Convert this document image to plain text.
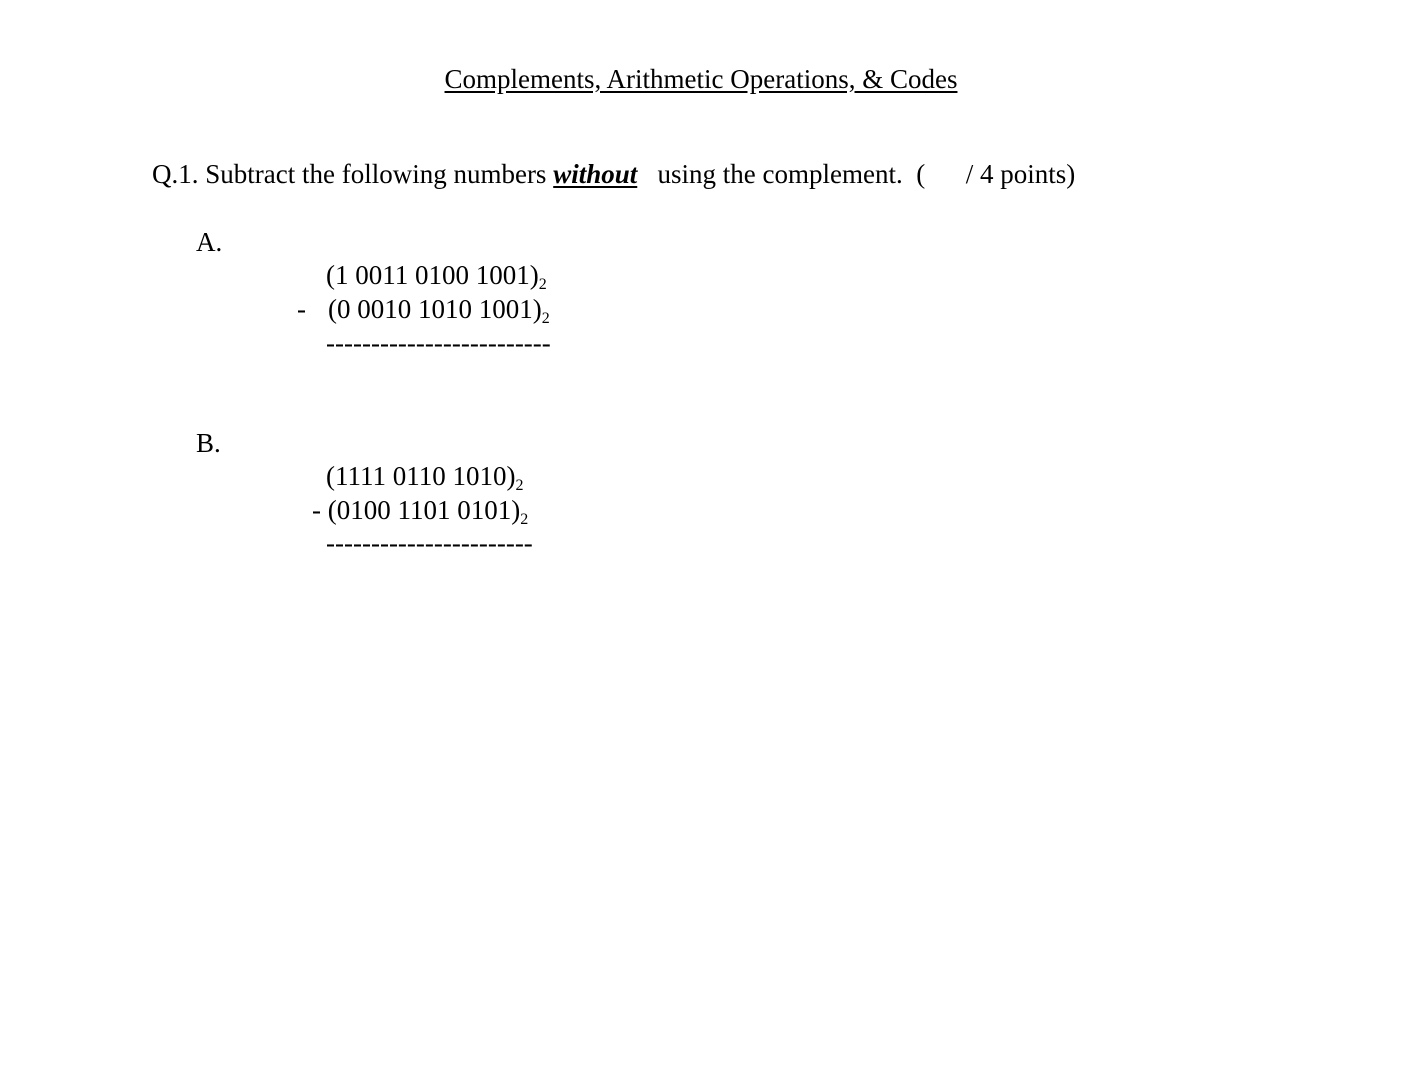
Complements, Arithmetic Operations, & Codes
Q.1. Subtract the following numbers without   using the complement.  (      / 4 points)
A.
(1 0011 0100 $1001)_2$
- (0 0010 1010 $1001)_2$
-------------------------
B.
(1111 0110 $1010)_2$
- (0100 1101 $0101)_2$
-----------------------
